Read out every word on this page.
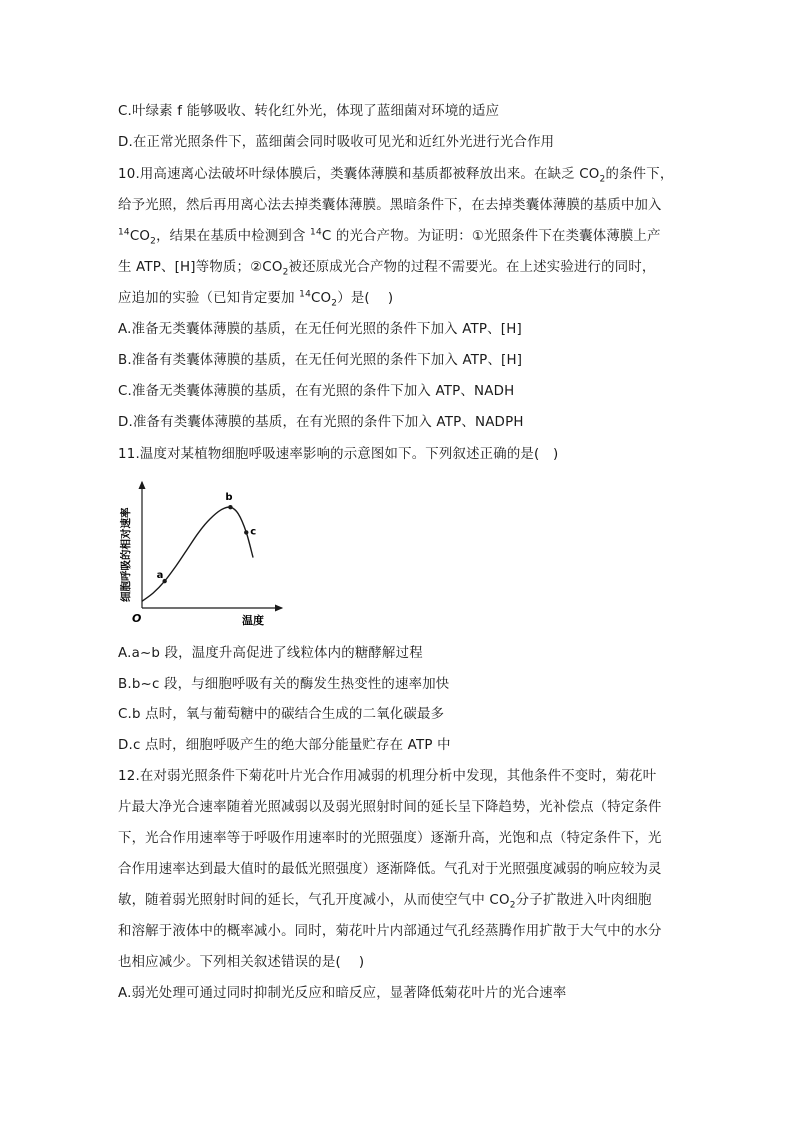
C.叶绿素 f 能够吸收、转化红外光，体现了蓝细菌对环境的适应
D.在正常光照条件下，蓝细菌会同时吸收可见光和近红外光进行光合作用
10.用高速离心法破坏叶绿体膜后，类囊体薄膜和基质都被释放出来。在缺乏 $CO_2$的条件下，
给予光照，然后再用离心法去掉类囊体薄膜。黑暗条件下，在去掉类囊体薄膜的基质中加入
$^{14}CO_2$，结果在基质中检测到含 $^{14}$C 的光合产物。为证明：①光照条件下在类囊体薄膜上产
生 ATP、[H]等物质；$②CO_2$被还原成光合产物的过程不需要光。在上述实验进行的同时，
应追加的实验（已知肯定要加 $^{14}CO_2$）是(　 )
A.准备无类囊体薄膜的基质，在无任何光照的条件下加入 ATP、[H]
B.准备有类囊体薄膜的基质，在无任何光照的条件下加入 ATP、[H]
C.准备无类囊体薄膜的基质，在有光照的条件下加入 ATP、NADH
D.准备有类囊体薄膜的基质，在有光照的条件下加入 ATP、NADPH
11.温度对某植物细胞呼吸速率影响的示意图如下。下列叙述正确的是(　)
a
b
c
O	温度
细胞呼吸的相对速率
A.a~b 段，温度升高促进了线粒体内的糖酵解过程
B.b~c 段，与细胞呼吸有关的酶发生热变性的速率加快
C.b 点时，氧与葡萄糖中的碳结合生成的二氧化碳最多
D.c 点时，细胞呼吸产生的绝大部分能量贮存在 ATP 中
12.在对弱光照条件下菊花叶片光合作用减弱的机理分析中发现，其他条件不变时，菊花叶
片最大净光合速率随着光照减弱以及弱光照射时间的延长呈下降趋势，光补偿点（特定条件
下，光合作用速率等于呼吸作用速率时的光照强度）逐渐升高，光饱和点（特定条件下，光
合作用速率达到最大值时的最低光照强度）逐渐降低。气孔对于光照强度减弱的响应较为灵
敏，随着弱光照射时间的延长，气孔开度减小，从而使空气中 $CO_2$分子扩散进入叶肉细胞
和溶解于液体中的概率减小。同时，菊花叶片内部通过气孔经蒸腾作用扩散于大气中的水分
也相应减少。下列相关叙述错误的是(　 )
A.弱光处理可通过同时抑制光反应和暗反应，显著降低菊花叶片的光合速率
